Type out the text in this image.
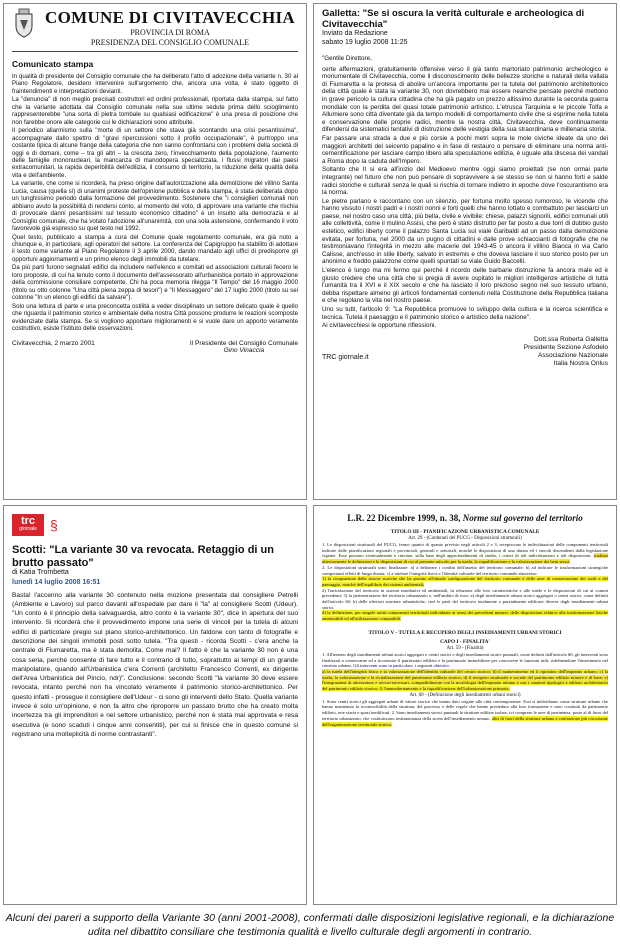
COMUNE DI CIVITAVECCHIA
PROVINCIA DI ROMA
PRESIDENZA DEL CONSIGLIO COMUNALE
Comunicato stampa

In qualità di presidente del Consiglio comunale che ha deliberato l'atto di adozione della variante n. 30 al Piano Regolatore, desidero intervenire sull'argomento che, ancora una volta, è stato oggetto di fraintendimenti e interpretazioni devianti.

La "denuncia" di non meglio precisati costruttori ed ordini professionali, riportata dalla stampa, sul fatto che la variante adottata dal Consiglio comunale nella sue ultime sedute prima dello scioglimento rappresenterebbe "una sorta di pietra tombale su qualsiasi edificazione" è una presa di posizione che non farebbe onore alle categorie cui le dichiarazioni sono attribuite.

Il periodico allarmismo sulla "morte di un settore che stava già scontando una crisi pesantissima", accompagnate dallo spettro di "gravi ripercussioni sotto il profilo occupazionale", è purtroppo una costante tipica di alcune frange della categoria che non sanno confrontarsi con i problemi della società di oggi e di domani, come – tra gli altri – la crescita zero, l'invecchiamento della popolazione, l'aumento delle famiglie mononucleari, la mancanza di manodopera specializzata, i flussi migratori dai paesi extracomunitari, la rapida deperibilità dell'edilizia, il consumo di territorio, la riduzione della qualità della vita e dell'ambiente.

La variante, che come si ricorderà, ha preso origine dall'autorizzazione alla demolizione del villino Santa Lucia, causa (quella sì) di unanimi proteste dell'opinione pubblica e della stampa, è stata deliberata dopo un lunghissimo periodo dalla formazione del provvedimento. Sostenere che "i consiglieri comunali non abbiano avuto la possibilità di rendersi conto, al momento del voto, di approvare una variante che rischia di provocare danni pesantissimi sul tessuto economico cittadino" è un insulto alla democrazia e al Consiglio comunale, che ha votato l'adozione all'unanimità, con una sola astensione, confermando il voto favorevole già espresso su quel testo nel 1992.

Quel testo, pubblicato a stampa a cura del Comune quale regolamento comunale, era già noto a chiunque e, in particolare, agli operatori del settore. La conferenza dei Capigruppo ha stabilito di adottare il testo come variante al Piano Regolatore il 3 aprile 2000, dando mandato agli uffici di predisporre gli opportuni aggiornamenti e un primo elenco degli immobili da tutelare.

Da più parti furono segnalati edifici da includere nell'elenco e comitati ed associazioni culturali fecero le loro proposte, di cui ha tenuto conto il documento dell'assessorato all'urbanistica portato in approvazione della commissione consiliare competente. Chi ha poca memoria rilegga "Il Tempo" del 16 maggio 2000 (titolo su otto colonne "Una città piena zeppa di tesori") e "Il Messaggero" del 17 luglio 2000 (titolo su sei colonne "In un elenco gli edifici da salvare").

Solo una lettura di parte e una preconcetta ostilità a veder disciplinato un settore delicato quale è quello che riguarda il patrimonio storico e ambientale della nostra Città possono produrre le reazioni scomposte evidenziate dalla stampa. Se si vogliono apportare miglioramenti e si vuole dare un apporto veramente costruttivo, esiste l'istituto delle osservazioni.

Civitavecchia, 2 marzo 2001	Il Presidente del Consiglio Comunale
Gino Vinaccia
Galletta: "Se si oscura la verità culturale e archeologica di Civitavecchia"
Inviato da Redazione
sabato 19 luglio 2008 11:25

"Gentile Direttore,

certe affermazioni, gratuitamente offensive verso il già tanto martoriato patrimonio archeologico e monumentale di Civitavecchia, come il disconoscimento delle bellezze storiche e naturali della vallata di Fiumaretta e la protesa di abolire un'ancora importante per la tutela del patrimonio architettonico della città quale è stata la variante 30, non dovrebbero mai essere neanche pensate perché mettono in grave pericolo la cultura cittadina che ha già pagato un prezzo altissimo durante la seconda guerra mondiale con la perdita del quasi totale patrimonio artistico. L'etrusca Tarquinia e le piccole Tolfa e Allumiere sono città diventate già da tempo modelli di comportamento civile che si esprime nella tutela e conservazione delle proprie radici, mentre la nostra città, Civitavecchia, deve continuamente difendersi da sistematici tentativi di distruzione delle vestigia della sua straordinaria e millenaria storia.

Far passare una strada a due e più corsie a pochi metri sopra le mole civiche ideate da uno dei maggiori architetti del seicento papalino e in fase di restauro o pensare di eliminare una norma anti-cementificazione per lasciare campo libero alla speculazione edilizia, è uguale alla discesa dei vandali a Roma dopo la caduta dell'Impero.

Soltanto che Il si era all'inizio del Medioevo mentre oggi siamo proiettati (se non ormai parte integrante) nel futuro che non può pensare di sopravvivere a se stesso se non si hanno forti e salde radici storiche e culturali senza le quali si rischia di tornare indietro in epoche dove l'oscurantismo era la norma.

Le pietre parlano e raccontano con un silenzio, per fortuna molto spesso rumoroso, le vicende che hanno vissuto i nostri padri e i nostri nonni e forti quelli che hanno lottato e combattuto per lasciarci un paese, nel nostro caso una città, più bella, civile e vivibile: chiese, palazzi signorili, edifici comunali utili alle collettività, come il mulino Assisi, che però è stato distrutto per far posto a due torri di dubbio gusto estetico, edifici liberty come il palazzo Santa Lucia sul viale Garibaldi ad un passo dalla demolizione evitata, per fortuna, nel 2000 da un pugno di cittadini e dalle prove schiaccianti di fotografie che ne testimoniavano l'integrità in mezzo alle macerie del 1943-45 o ancora il villino Bianca in via Carlo Calisse, anch'esso in stile liberty, salvato in estremis e che doveva lasciare il suo storico posto per un anonimo e freddo palazzone come quelli spuntati su viale Guido Baccelli.

L'elenco è lungo ma mi fermo qui perché il ricordo delle barbarie distruzione fa ancora male ed è giusto credere che una città che si pregia di avere ospitato le migliori intelligenze artistiche di tutta l'umanità tra il XVI e il XIX secolo e che ha lasciato il loro prezioso segno nel suo tessuto urbano, debba rispettare almeno gli articoli fondamentali contenuti nella Costituzione della Repubblica italiana e che regolano la vita nel nostro paese.

Uno su tutti, l'articolo 9: "La Repubblica promuove lo sviluppo della cultura e la ricerca scientifica e tecnica. Tutela il paesaggio e il patrimonio storico e artistico della nazione".

Ai civitavecchiesi le opportune riflessioni.

Dott.ssa Roberta Galletta
Presidente Sezione Asfodelo
Associazione Nazionale
Italia Nostra Onlus
TRC giornale.it
trc
giornale §
Scotti: "La variante 30 va revocata. Retaggio di un brutto passato"
di Katia Trombetta
lunedì 14 luglio 2008 16:51
Basta! l'accenno alla variante 30 contenuto nella mozione presentata dal consigliere Petrelli (Ambiente e Lavoro) sul parco davanti all'ospedale par dare il "la" al consigliere Scotti (Udeur). "Un conto è il principio della salvaguardia, altro conto è la variante 30", dice in apertura del suo intervento. Si ricorderà che il provvedimento impone una serie di vincoli per la tutela di alcuni edifici di particolare pregio sul piano storico-architettonico. Un faldone con tanto di fotografie e descrizione dei singoli immobili posti sotto tutela. "Tra questi - ricorda Scotti - c'era anche la centrale di Fiumaretta, ma è stata demolita. Come mai? Il fatto è che la variante 30 non è una cosa seria, perché consente di fare tutto e il contrario di tutto, soprattutto ai tempi di un grande manipolatore, quando all'Urbanistica c'era Correnti (architetto Francesco Correnti, ex dirigente dell'Area Urbanistica del Pincio, ndr)". Conclusione: secondo Scotti "la variante 30 deve essere revocata, intanto perché non ha vincolato veramente il patrimonio storico-architettonico. Per questo infatti - prosegue il consigliere dell'Udeur - ci sono gli interventi dello Stato. Quella variante invece è solo un'opinione, e non fa altro che riproporre un passato brutto che ha creato molta incertezza tra gli imprenditori e nel settore urbanistico, perché non è stata mai approvata e resa esecutiva (e sono scaduti i cinque anni consentiti), per cui si finisce che in questo comune si registrano una molteplicità di norme contrastanti".
L.R. 22 Dicembre 1999, n. 38, Norme sul governo del territorio
TITOLO III - PIANIFICAZIONE URBANISTICA COMUNALE
Art. 29 - (Contenuti del PUCG - Disposizioni strutturali)

1. Le disposizioni strutturali del PUCG, fermo quanto di quanto previsto negli articoli 2 e 3, recepiscono le individuazioni delle componenti territoriali indicate dalle pianificazioni regionali e provinciali, generali e settoriali, nonché le disposizioni di una durata ed i vincoli discendenti dalla legislazione vigente. Esse possono eventualmente e rinviare, sulla base degli approfondimenti di studio, i criteri di tali individuazioni e tali disposizioni. studiare ulteriormente le definizioni e le disposizioni di cui al presente articolo per la tutela, la riqualificazione e la valorizzazione dei beni stessi.

2. Le disposizioni strutturali sono finalizzate: a) a delineare i confini dell'assetto del territorio comunale; b) ad indicare le trasformazioni strategiche comportanti effetti di lunga durata; c) a tutelare l'integrità fisica e l'identità culturale del territorio comunale attraverso:

1) la ricognizione delle risorse storiche che ha portato all'attuale configurazione del territorio comunale e delle aree di conservazione dei suoli e del paesaggio, nonché dell'equilibrio dei sistemi ambientali;

2) l'articolazione del territorio in sistemi insediativi ed ambientali, in relazione alle loro caratteristiche e alle tutele e le disposizioni di cui ai commi precedenti; 3) la perimetrazione del territorio urbanizzato e, nell'ambito di esso: a) degli insediamenti urbani storici aggregati o centri storici, come definiti dall'articolo 60; b) delle ulteriori strutture urbanistiche, cioè le parti del territorio totalmente o parzialmente edificate diverse dagli insediamenti urbani storici.

d) la definizione, per singole unità componenti territoriali individuate ai sensi dei precedenti numeri, delle disposizioni relative alla trasformazione fisiche ammissibili ed all'utilizzazione compatibili.

TITOLO V - TUTELA E RECUPERO DEGLI INSEDIAMENTI URBANI STORICI
CAPO I - FINALITA'
Art. 59 - (Finalità)

1. All'interno degli insediamenti urbani storici aggregati o centri storici e degli insediamenti storici puntuali, come definiti dall'articolo 60, gli interventi sono finalizzati a conservarne ed a ricostruire il patrimonio edilizio e la patrimonio immobiliare per concorrere le funzioni utili, ridefinendone l'inserimento nel contesto urbano. Gli interventi sono in particolare, i seguenti obiettivi:

a) la tutela dell'integrità fisica e la valorizzazione dell'identità culturale del centro storico; b) il mantenimento ed il ripristino dell'impianto urbano; c) la tutela, la valorizzazione e la rivitalizzazione del patrimonio edilizio storico; d) il recupero strutturale e sociale del patrimonio edilizio minore e di base; e) l'integrazione di attrezzature e servizi necessari, compatibilmente con la morfologia dell'impianto urbano e con i caratteri tipologici e edilizio architettonici del patrimonio edilizio storico; f) l'ammodernamento e la riqualificazione dell'urbanizzazione primaria.

Art. 60 - (Definizione degli insediamenti urbani storici)

1. Sono centri storici gli aggregati urbani di valore storico che hanno dato origine alle città contemporanee. Essi si individuano come strutture urbane che hanno mantenuto la riconoscibilità della struttura, del processo e delle regole che hanno presieduto alla loro formazione e sono costituiti da patrimonio edilizio, rete viaria e spazi inedificati. 2. Sono insediamenti storici puntuali le strutture edilizie isolate, ivi comprese le aree di pertinenza, poste al di fuori del territorio urbanizzato, che costituiscono testimonianza della storia dell'insediamento umano. altri di fuori della struttura urbana a contrazione più circostante dell'organizzazione territoriale storica.

Alcuni dei pareri a supporto della Variante 30 (anni 2001-2008), confermati dalle disposizioni legislative regionali, e la dichiarazione udita nel dibattito consiliare che testimonia qualità e livello culturale degli argomenti in contrario.
